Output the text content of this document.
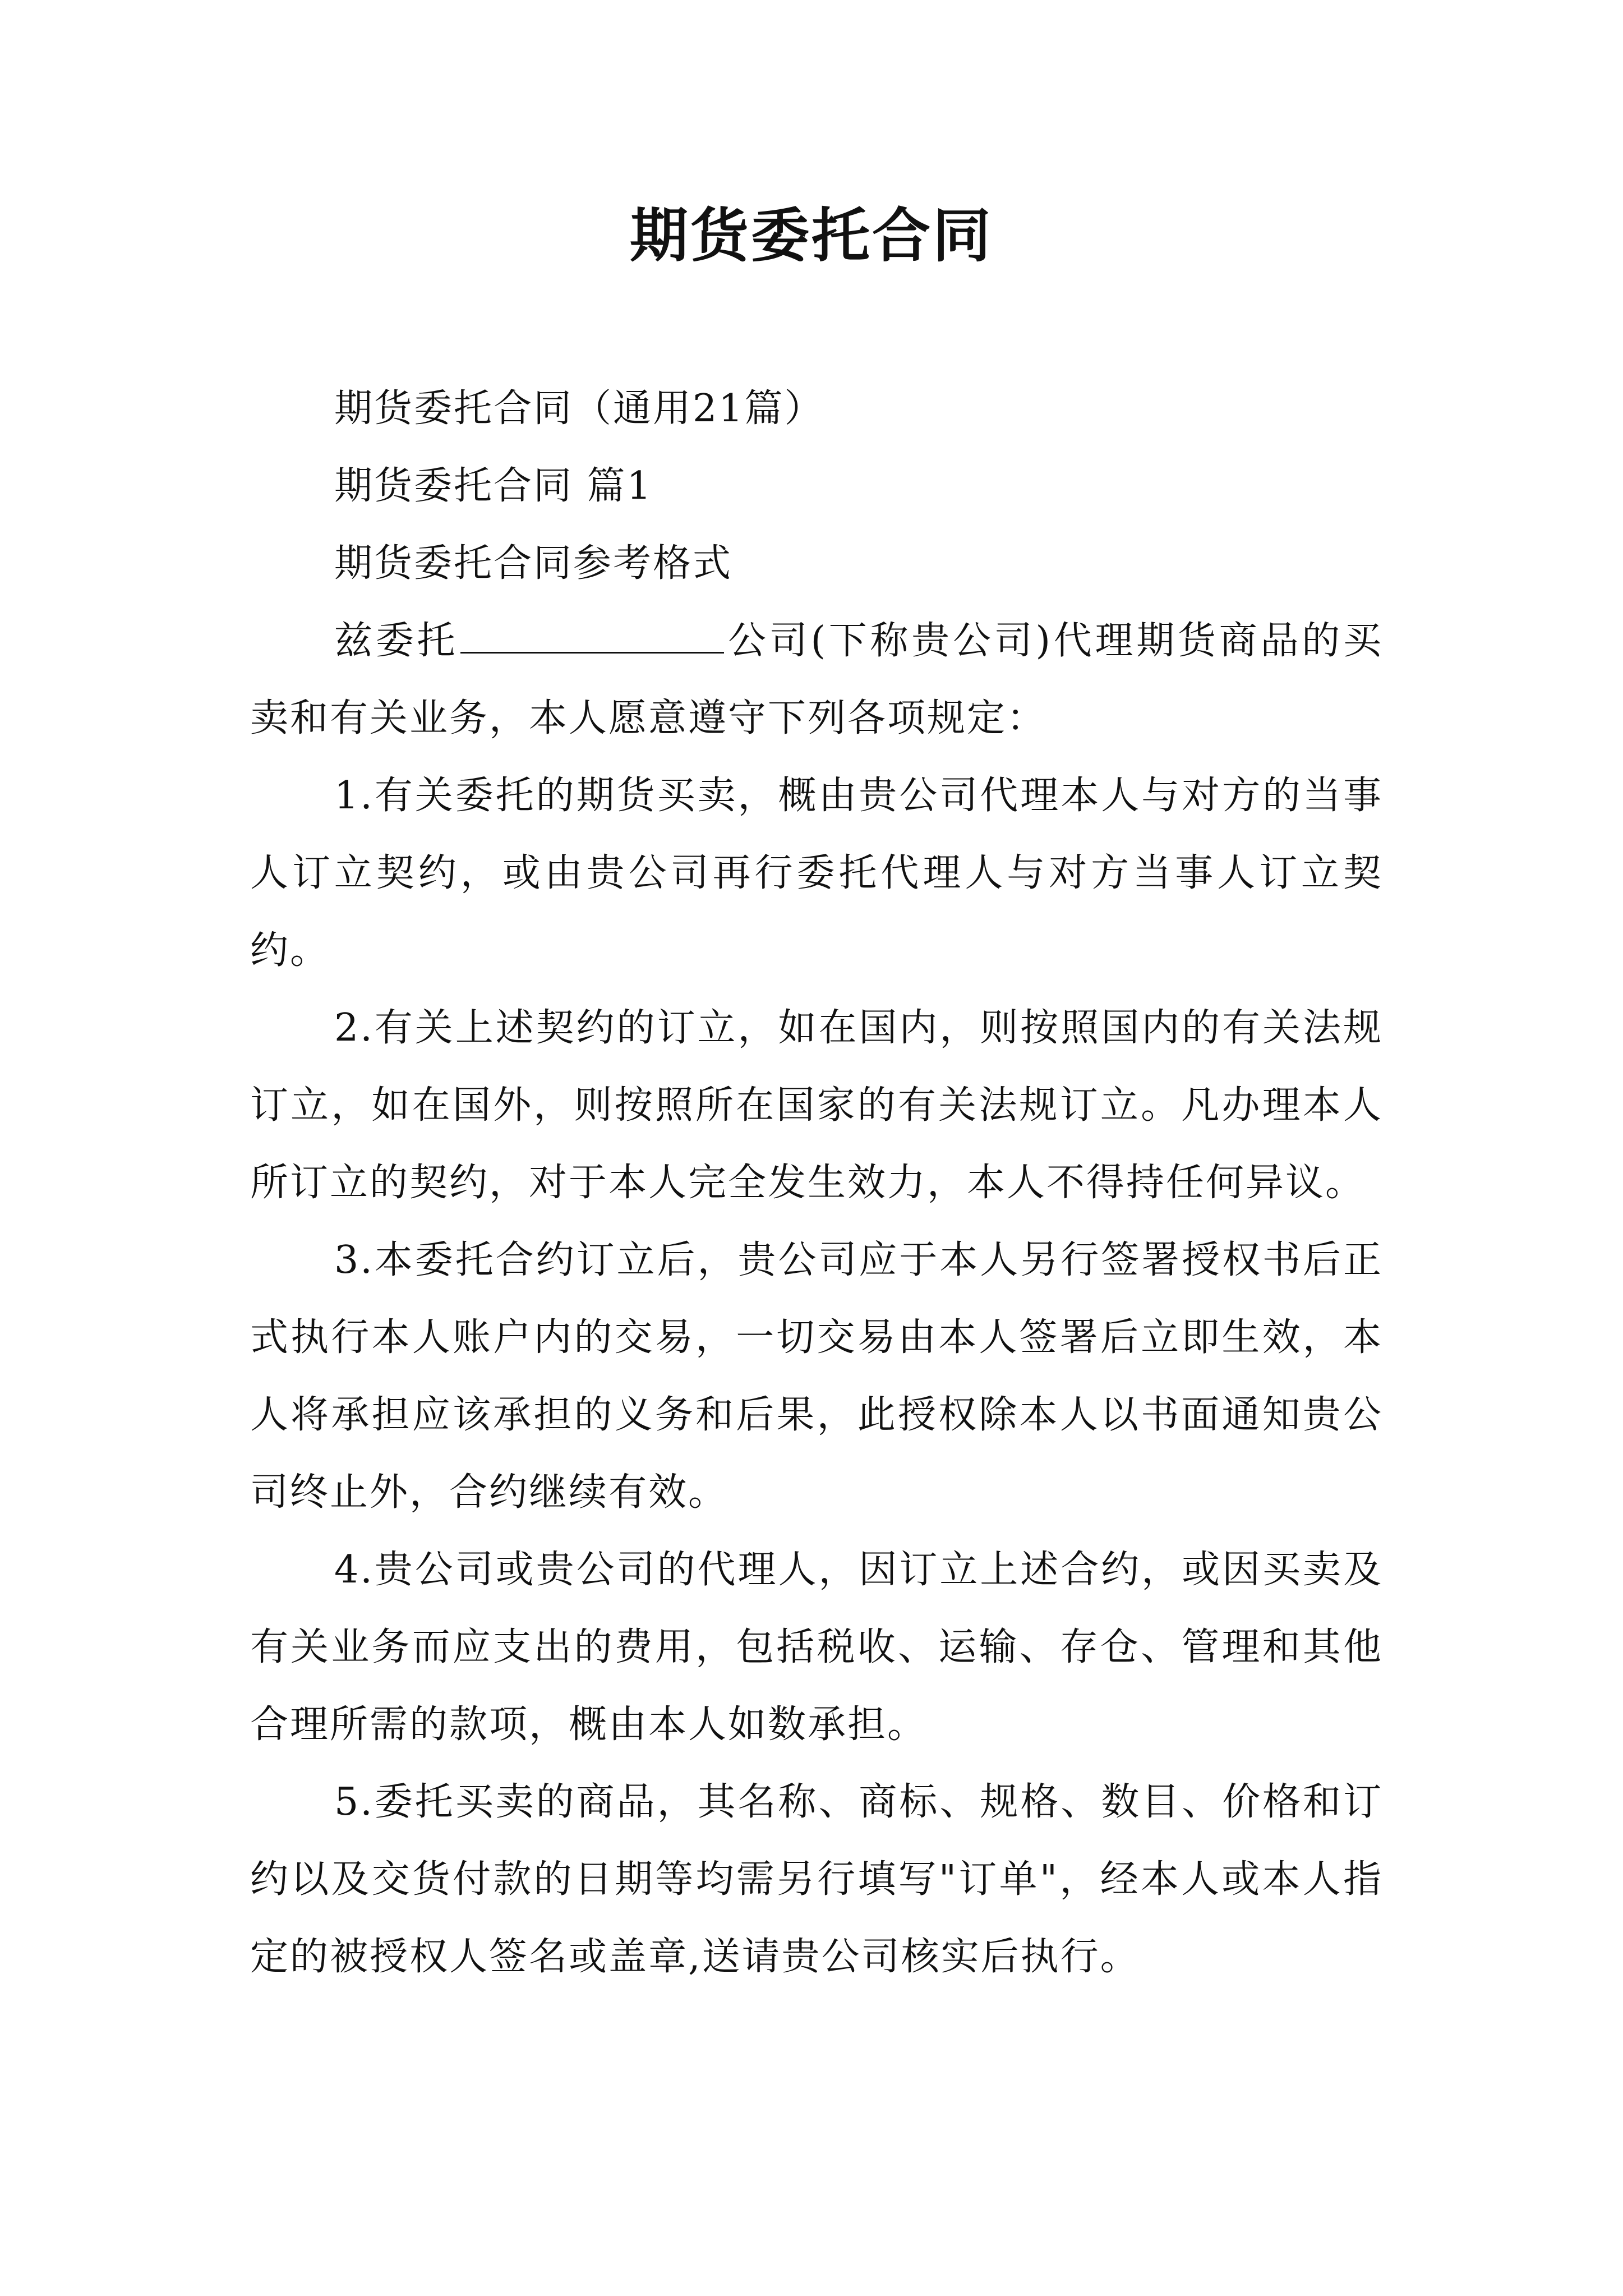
期货委托合同

期货委托合同（通用21篇）

期货委托合同 篇1

期货委托合同参考格式

兹委托	公司(下称贵公司)代理期货商品的买卖和有关业务，本人愿意遵守下列各项规定：

1.有关委托的期货买卖，概由贵公司代理本人与对方的当事人订立契约，或由贵公司再行委托代理人与对方当事人订立契约。

2.有关上述契约的订立，如在国内，则按照国内的有关法规订立，如在国外，则按照所在国家的有关法规订立。凡办理本人所订立的契约，对于本人完全发生效力，本人不得持任何异议。

3.本委托合约订立后，贵公司应于本人另行签署授权书后正式执行本人账户内的交易，一切交易由本人签署后立即生效，本人将承担应该承担的义务和后果，此授权除本人以书面通知贵公司终止外，合约继续有效。

4.贵公司或贵公司的代理人，因订立上述合约，或因买卖及有关业务而应支出的费用，包括税收、运输、存仓、管理和其他合理所需的款项，概由本人如数承担。

5.委托买卖的商品，其名称、商标、规格、数目、价格和订约以及交货付款的日期等均需另行填写"订单"，经本人或本人指定的被授权人签名或盖章,送请贵公司核实后执行。
